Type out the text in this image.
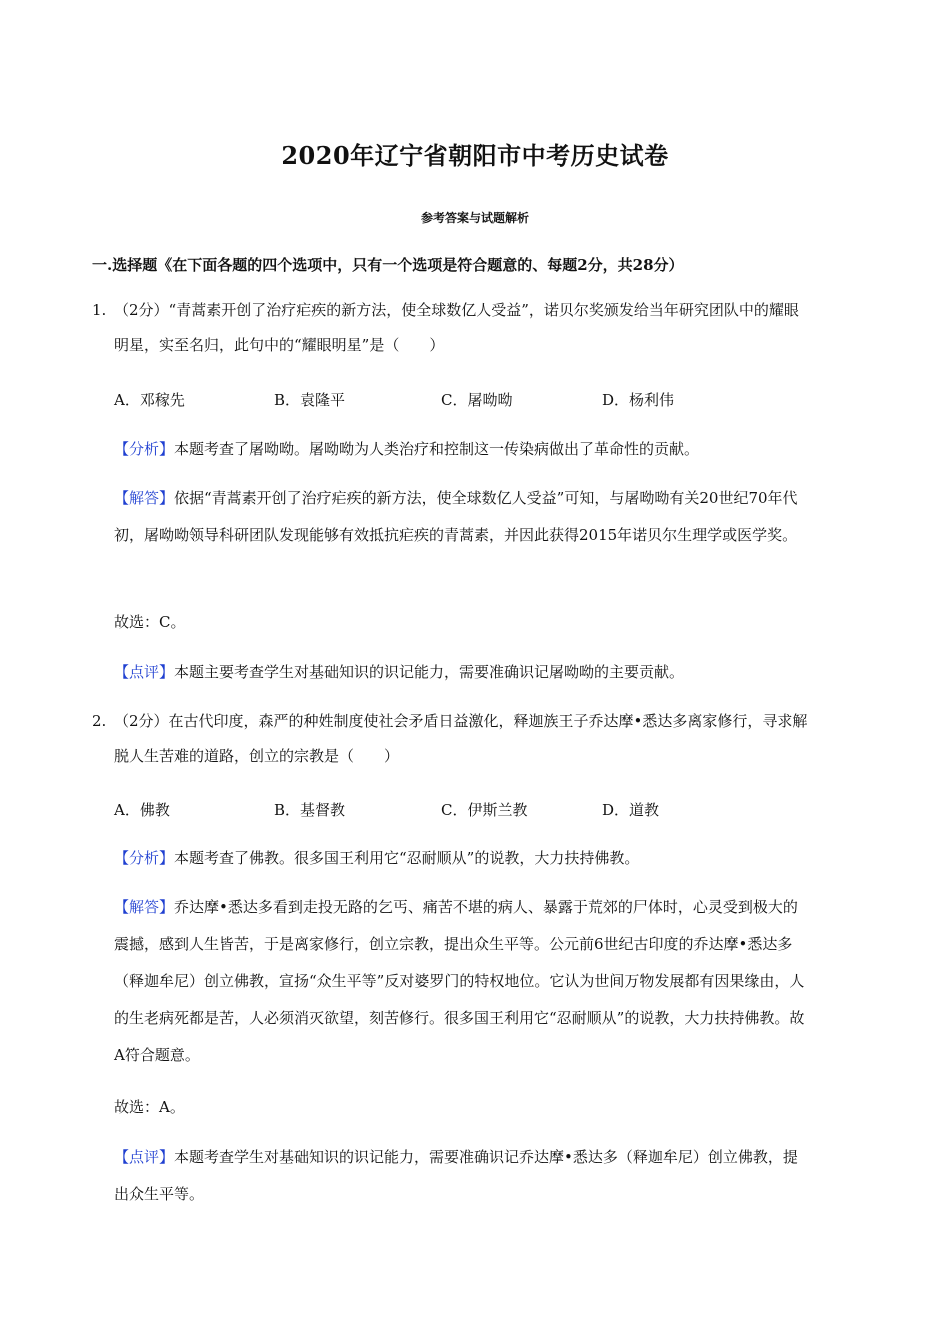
2020年辽宁省朝阳市中考历史试卷
参考答案与试题解析
一.选择题《在下面各题的四个选项中，只有一个选项是符合题意的、每题2分，共28分）
1. （2分）“青蒿素开创了治疗疟疾的新方法，使全球数亿人受益”，诺贝尔奖颁发给当年研究团队中的耀眼明星，实至名归，此句中的“耀眼明星”是（　　）
A．邓稼先	B．袁隆平	C．屠呦呦	D．杨利伟
【分析】本题考查了屠呦呦。屠呦呦为人类治疗和控制这一传染病做出了革命性的贡献。
【解答】依据“青蒿素开创了治疗疟疾的新方法，使全球数亿人受益”可知，与屠呦呦有关20世纪70年代初，屠呦呦领导科研团队发现能够有效抵抗疟疾的青蒿素，并因此获得2015年诺贝尔生理学或医学奖。
故选：C。
【点评】本题主要考查学生对基础知识的识记能力，需要准确识记屠呦呦的主要贡献。
2. （2分）在古代印度，森严的种姓制度使社会矛盾日益激化，释迦族王子乔达摩•悉达多离家修行，寻求解脱人生苦难的道路，创立的宗教是（　　）
A．佛教	B．基督教	C．伊斯兰教	D．道教
【分析】本题考查了佛教。很多国王利用它“忍耐顺从”的说教，大力扶持佛教。
【解答】乔达摩•悉达多看到走投无路的乞丐、痛苦不堪的病人、暴露于荒郊的尸体时，心灵受到极大的震撼，感到人生皆苦，于是离家修行，创立宗教，提出众生平等。公元前6世纪古印度的乔达摩•悉达多（释迦牟尼）创立佛教，宣扬“众生平等”反对婆罗门的特权地位。它认为世间万物发展都有因果缘由，人的生老病死都是苦，人必须消灭欲望，刻苦修行。很多国王利用它“忍耐顺从”的说教，大力扶持佛教。故A符合题意。
故选：A。
【点评】本题考查学生对基础知识的识记能力，需要准确识记乔达摩•悉达多（释迦牟尼）创立佛教，提出众生平等。
